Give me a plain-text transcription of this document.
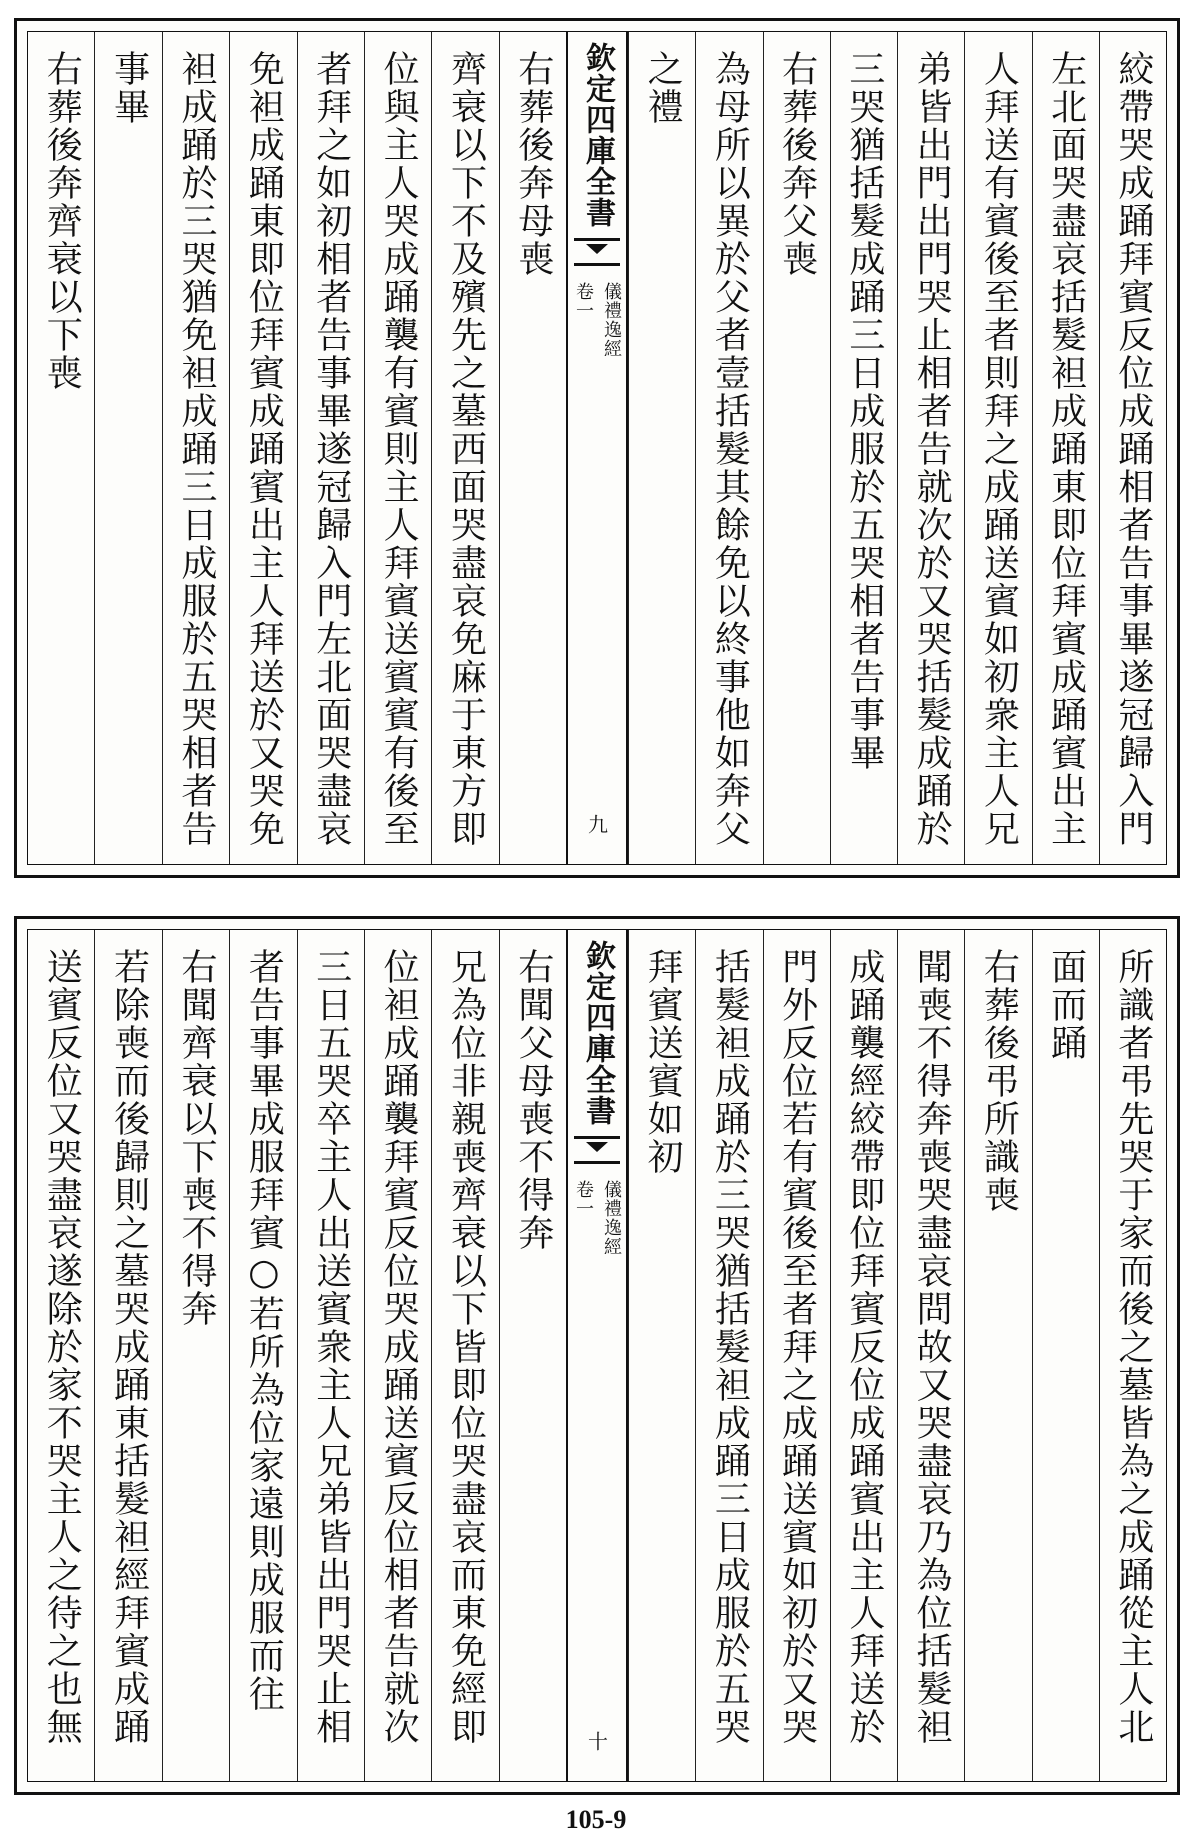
絞帶哭成踊拜賓反位成踊相者告事畢遂冠歸入門
左北面哭盡哀括髮袒成踊東即位拜賓成踊賓出主
人拜送有賓後至者則拜之成踊送賓如初衆主人兄
弟皆出門出門哭止相者告就次於又哭括髮成踊於
三哭猶括髮成踊三日成服於五哭相者告事畢
右葬後奔父喪
為母所以異於父者壹括髮其餘免以終事他如奔父
之禮
欽定四庫全書
儀禮逸經
卷一
九
右葬後奔母喪
齊衰以下不及殯先之墓西面哭盡哀免麻于東方即
位與主人哭成踊襲有賓則主人拜賓送賓賓有後至
者拜之如初相者告事畢遂冠歸入門左北面哭盡哀
免袒成踊東即位拜賓成踊賓出主人拜送於又哭免
袒成踊於三哭猶免袒成踊三日成服於五哭相者告
事畢
右葬後奔齊衰以下喪
所識者弔先哭于家而後之墓皆為之成踊從主人北
面而踊
右葬後弔所識喪
聞喪不得奔喪哭盡哀問故又哭盡哀乃為位括髮袒
成踊襲經絞帶即位拜賓反位成踊賓出主人拜送於
門外反位若有賓後至者拜之成踊送賓如初於又哭
括髮袒成踊於三哭猶括髮袒成踊三日成服於五哭
拜賓送賓如初
欽定四庫全書
儀禮逸經
卷一
十
右聞父母喪不得奔
兄為位非親喪齊衰以下皆即位哭盡哀而東免經即
位袒成踊襲拜賓反位哭成踊送賓反位相者告就次
三日五哭卒主人出送賓衆主人兄弟皆出門哭止相
者告事畢成服拜賓○若所為位家遠則成服而往
右聞齊衰以下喪不得奔
若除喪而後歸則之墓哭成踊東括髮袒經拜賓成踊
送賓反位又哭盡哀遂除於家不哭主人之待之也無
105-9
